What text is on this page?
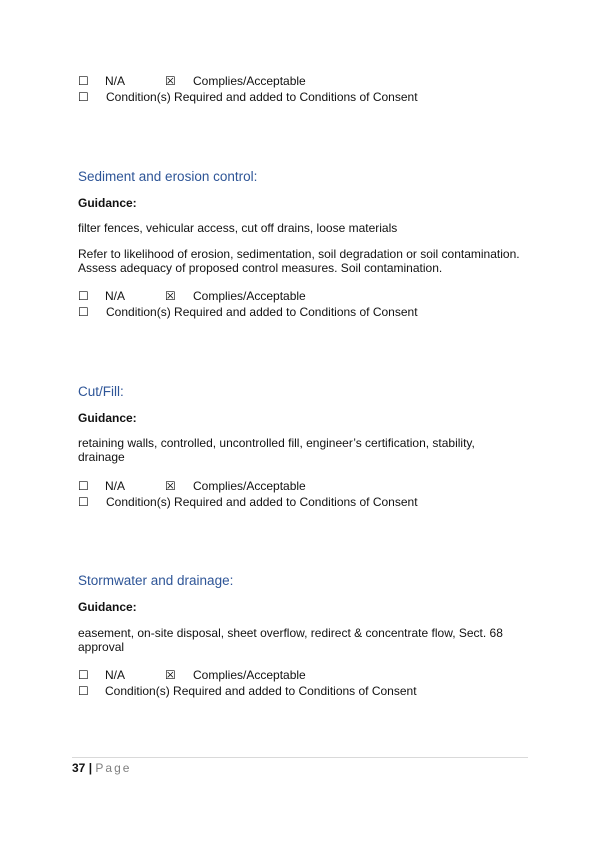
☐ N/A	☒ Complies/Acceptable
☐ Condition(s) Required and added to Conditions of Consent
Sediment and erosion control:
Guidance:
filter fences, vehicular access, cut off drains, loose materials
Refer to likelihood of erosion, sedimentation, soil degradation or soil contamination. Assess adequacy of proposed control measures. Soil contamination.
☐ N/A	☒ Complies/Acceptable
☐ Condition(s) Required and added to Conditions of Consent
Cut/Fill:
Guidance:
retaining walls, controlled, uncontrolled fill, engineer’s certification, stability, drainage
☐ N/A	☒ Complies/Acceptable
☐ Condition(s) Required and added to Conditions of Consent
Stormwater and drainage:
Guidance:
easement, on-site disposal, sheet overflow, redirect & concentrate flow, Sect. 68 approval
☐ N/A	☒ Complies/Acceptable
☐ Condition(s) Required and added to Conditions of Consent
37 | Page
